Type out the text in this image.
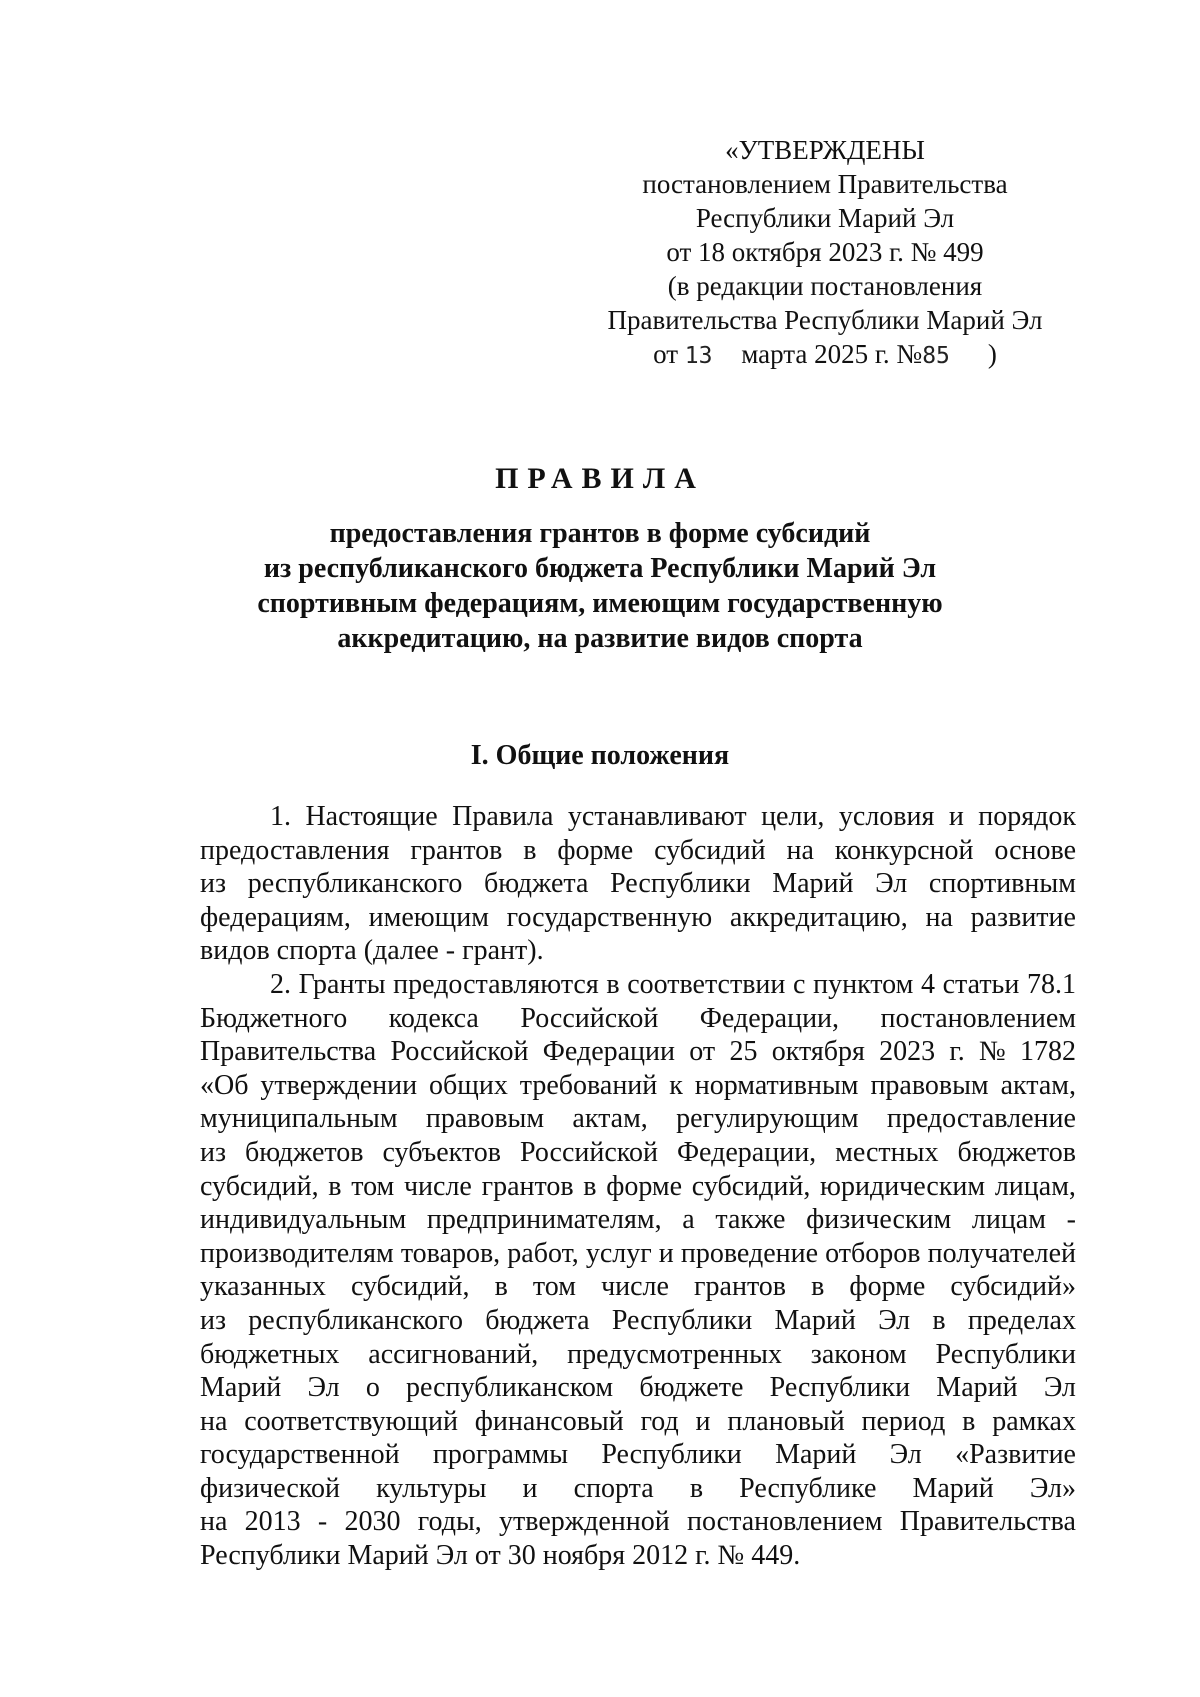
«УТВЕРЖДЕНЫ
постановлением Правительства
Республики Марий Эл
от 18 октября 2023 г. № 499
(в редакции постановления
Правительства Республики Марий Эл
от 13 марта 2025 г. №85 )
ПРАВИЛА
предоставления грантов в форме субсидий
из республиканского бюджета Республики Марий Эл
спортивным федерациям, имеющим государственную
аккредитацию, на развитие видов спорта
I. Общие положения
1. Настоящие Правила устанавливают цели, условия и порядок
предоставления грантов в форме субсидий на конкурсной основе
из республиканского бюджета Республики Марий Эл спортивным
федерациям, имеющим государственную аккредитацию, на развитие
видов спорта (далее - грант).
2. Гранты предоставляются в соответствии с пунктом 4 статьи 78.1
Бюджетного кодекса Российской Федерации, постановлением
Правительства Российской Федерации от 25 октября 2023 г. № 1782
«Об утверждении общих требований к нормативным правовым актам,
муниципальным правовым актам, регулирующим предоставление
из бюджетов субъектов Российской Федерации, местных бюджетов
субсидий, в том числе грантов в форме субсидий, юридическим лицам,
индивидуальным предпринимателям, а также физическим лицам -
производителям товаров, работ, услуг и проведение отборов получателей
указанных субсидий, в том числе грантов в форме субсидий»
из республиканского бюджета Республики Марий Эл в пределах
бюджетных ассигнований, предусмотренных законом Республики
Марий Эл о республиканском бюджете Республики Марий Эл
на соответствующий финансовый год и плановый период в рамках
государственной программы Республики Марий Эл «Развитие
физической культуры и спорта в Республике Марий Эл»
на 2013 - 2030 годы, утвержденной постановлением Правительства
Республики Марий Эл от 30 ноября 2012 г. № 449.
